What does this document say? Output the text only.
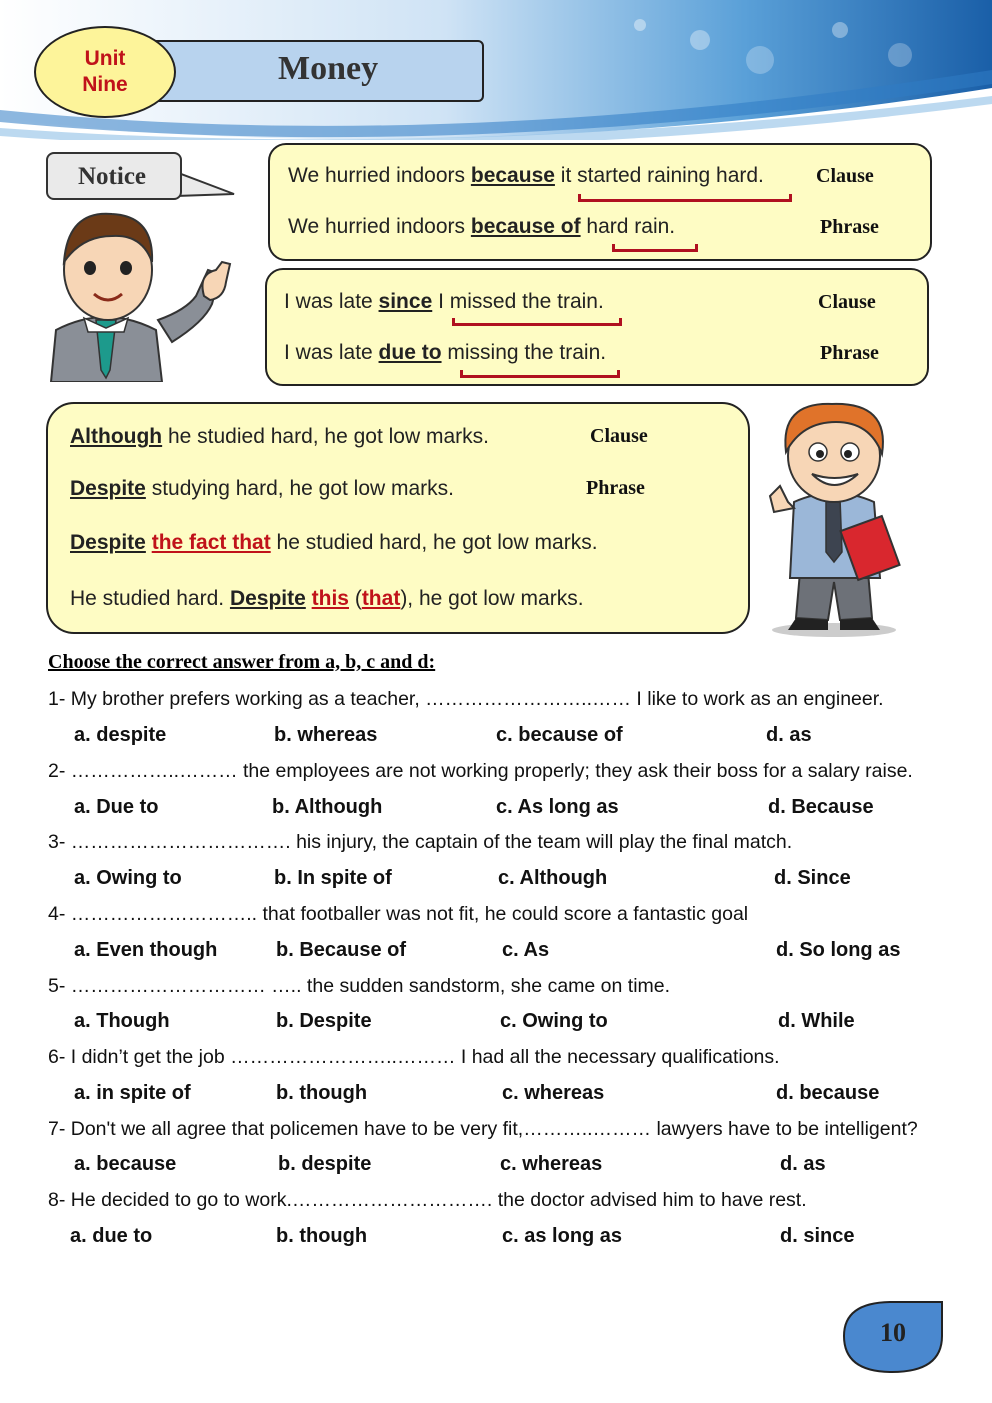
Money
Unit
Nine
Notice	We hurried indoors because it started raining hard.	Clause
We hurried indoors because of hard rain.	Phrase
I was late since I missed the train.	Clause
I was late due to missing the train.	Phrase
Although he studied hard, he got low marks.	Clause
Despite studying hard, he got low marks.	Phrase
Despite the fact that he studied hard, he got low marks.
He studied hard. Despite this (that), he got low marks.
Choose the correct answer from a, b, c and d:
1- My brother prefers working as a teacher, ……………………..…… I like to work as an engineer.
a. despite	b. whereas	c. because of	d. as
2- ……………..……… the employees are not working properly; they ask their boss for a salary raise.
a. Due to	b. Although	c. As long as	d. Because
3- ……………………………. his injury, the captain of the team will play the final match.
a. Owing to	b. In spite of	c. Although	d. Since
4- ……………………….. that footballer was not fit, he could score a fantastic goal
a. Even though	b. Because of	c. As	d. So long as
5- ………………………… ….. the sudden sandstorm, she came on time.
a. Though	b. Despite	c. Owing to	d. While
6- I didn’t get the job ……………………..……… I had all the necessary qualifications.
a. in spite of	b. though	c. whereas	d. because
7- Don't we all agree that policemen have to be very fit,………..……… lawyers have to be intelligent?
a. because	b. despite	c. whereas	d. as
8- He decided to go to work.…………………………. the doctor advised him to have rest.
a. due to	b. though	c. as long as	d. since
10
